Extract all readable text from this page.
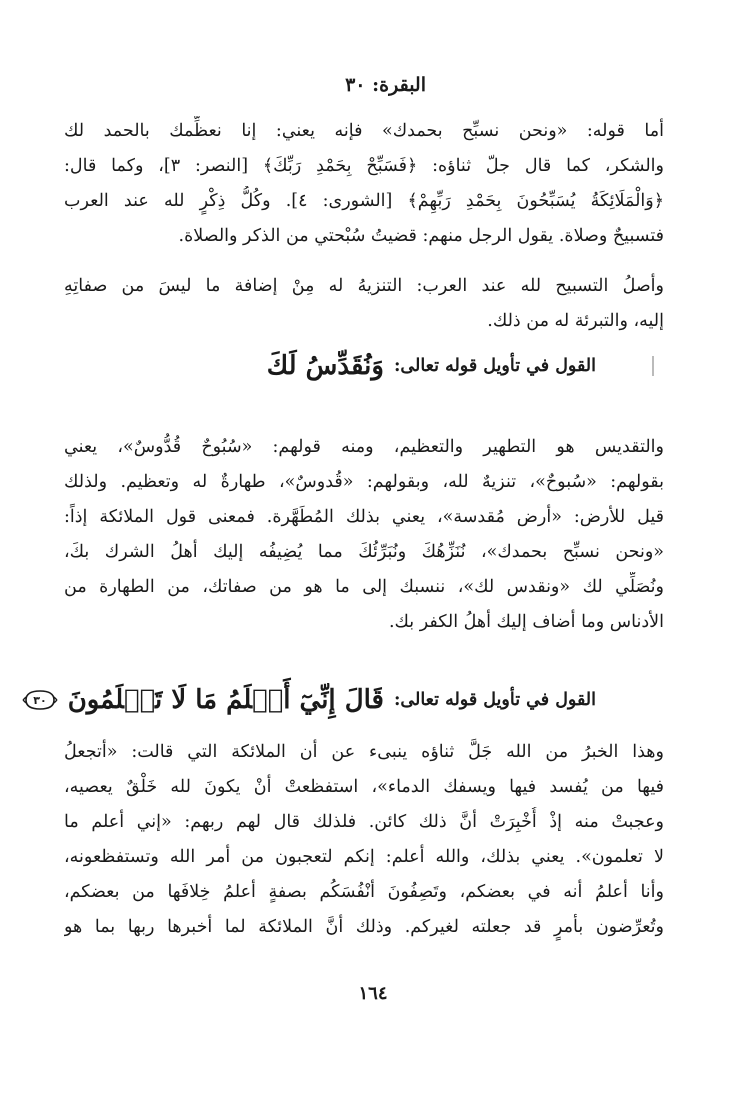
البقرة: ٣٠
أما قوله: «ونحن نسبِّح بحمدك» فإنه يعني: إنا نعظِّمك بالحمد لك
والشكر، كما قال جلّ ثناؤه: ﴿فَسَبِّحْ بِحَمْدِ رَبِّكَ﴾ [النصر: ٣]، وكما قال:
﴿وَالْمَلَائِكَةُ يُسَبِّحُونَ بِحَمْدِ رَبِّهِمْ﴾ [الشورى: ٤]. وكُلُّ ذِكْرٍ لله عند العرب
فتسبيحٌ وصلاة. يقول الرجل منهم: قضيتُ سُبْحتي من الذكر والصلاة.
وأصلُ التسبيح لله عند العرب: التنزيهُ له مِنْ إضافة ما ليسَ من صفاتِهِ
إليه، والتبرئة له من ذلك.
القول في تأويل قوله تعالى:
وَنُقَدِّسُ لَكَ
والتقديس هو التطهير والتعظيم، ومنه قولهم: «سُبُوحٌ قُدُّوسٌ»، يعني
بقولهم: «سُبوحٌ»، تنزيهٌ لله، وبقولهم: «قُدوسٌ»، طهارةٌ له وتعظيم. ولذلك
قيل للأرض: «أرض مُقدسة»، يعني بذلك المُطَهَّرة. فمعنى قول الملائكة إذاً:
«ونحن نسبِّح بحمدك»، نُنَزِّهُكَ ونُبَرِّئُكَ مما يُضِيفُه إليك أهلُ الشرك بكَ،
ونُصَلِّي لك «ونقدس لك»، ننسبك إلى ما هو من صفاتك، من الطهارة من
الأدناس وما أضاف إليك أهلُ الكفر بك.
القول في تأويل قوله تعالى:
قَالَ إِنِّيٓ أَعۡلَمُ مَا لَا تَعۡلَمُونَ
٣٠
وهذا الخبرُ من الله جَلَّ ثناؤه ينبىء عن أن الملائكة التي قالت: «أتجعلُ
فيها من يُفسد فيها ويسفك الدماء»، استفظعتْ أنْ يكونَ لله خَلْقٌ يعصيه،
وعجبتْ منه إذْ أُخْبِرَتْ أنَّ ذلك كائن. فلذلك قال لهم ربهم: «إني أعلم ما
لا تعلمون». يعني بذلك، والله أعلم: إنكم لتعجبون من أمر الله وتستفظعونه،
وأنا أعلمُ أنه في بعضكم، وتَصِفُونَ أنْفُسَكُم بصفةٍ أعلمُ خِلافَها من بعضكم،
وتُعرِّضون بأمرٍ قد جعلته لغيركم. وذلك أنَّ الملائكة لما أخبرها ربها بما هو
١٦٤
